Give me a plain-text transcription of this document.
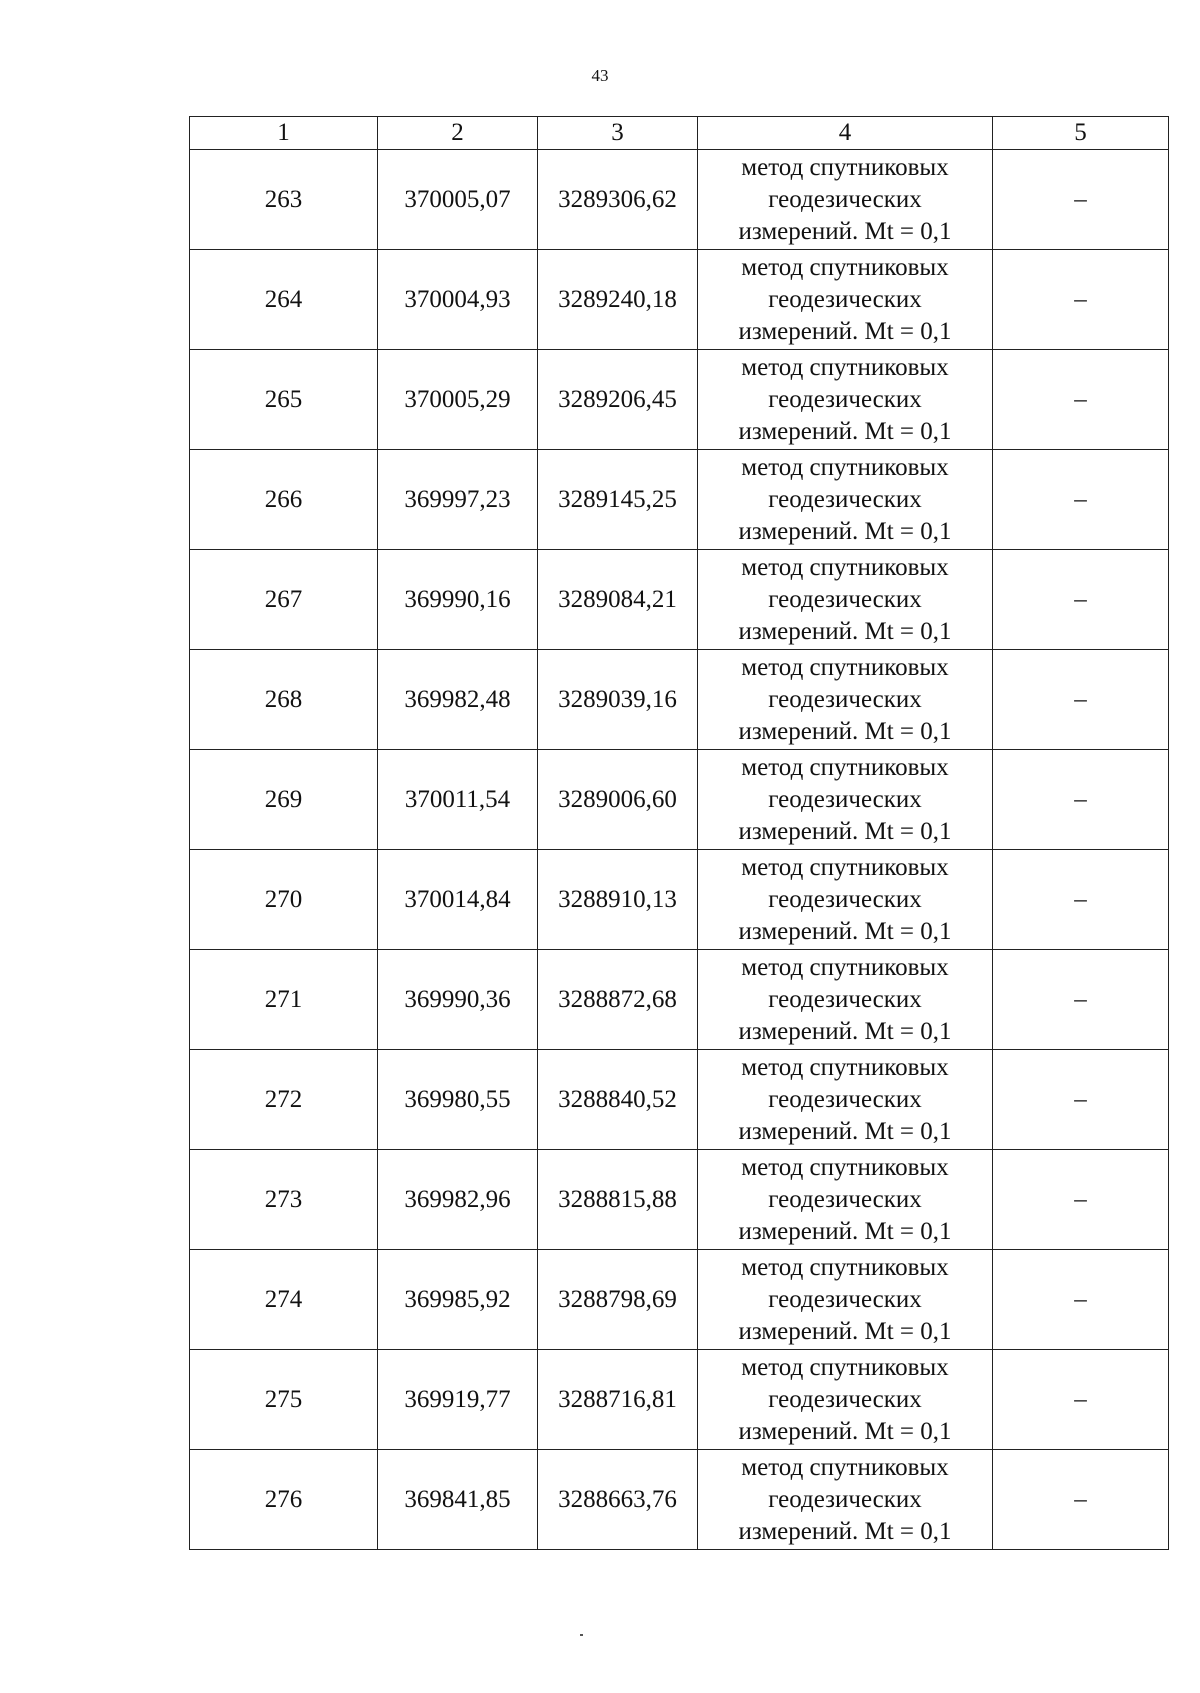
43
1	2	3	4	5
263	370005,07	3289306,62	метод спутниковых
геодезических
измерений. Mt = 0,1	–
264	370004,93	3289240,18	метод спутниковых
геодезических
измерений. Mt = 0,1	–
265	370005,29	3289206,45	метод спутниковых
геодезических
измерений. Mt = 0,1	–
266	369997,23	3289145,25	метод спутниковых
геодезических
измерений. Mt = 0,1	–
267	369990,16	3289084,21	метод спутниковых
геодезических
измерений. Mt = 0,1	–
268	369982,48	3289039,16	метод спутниковых
геодезических
измерений. Mt = 0,1	–
269	370011,54	3289006,60	метод спутниковых
геодезических
измерений. Mt = 0,1	–
270	370014,84	3288910,13	метод спутниковых
геодезических
измерений. Mt = 0,1	–
271	369990,36	3288872,68	метод спутниковых
геодезических
измерений. Mt = 0,1	–
272	369980,55	3288840,52	метод спутниковых
геодезических
измерений. Mt = 0,1	–
273	369982,96	3288815,88	метод спутниковых
геодезических
измерений. Mt = 0,1	–
274	369985,92	3288798,69	метод спутниковых
геодезических
измерений. Mt = 0,1	–
275	369919,77	3288716,81	метод спутниковых
геодезических
измерений. Mt = 0,1	–
276	369841,85	3288663,76	метод спутниковых
геодезических
измерений. Mt = 0,1	–
